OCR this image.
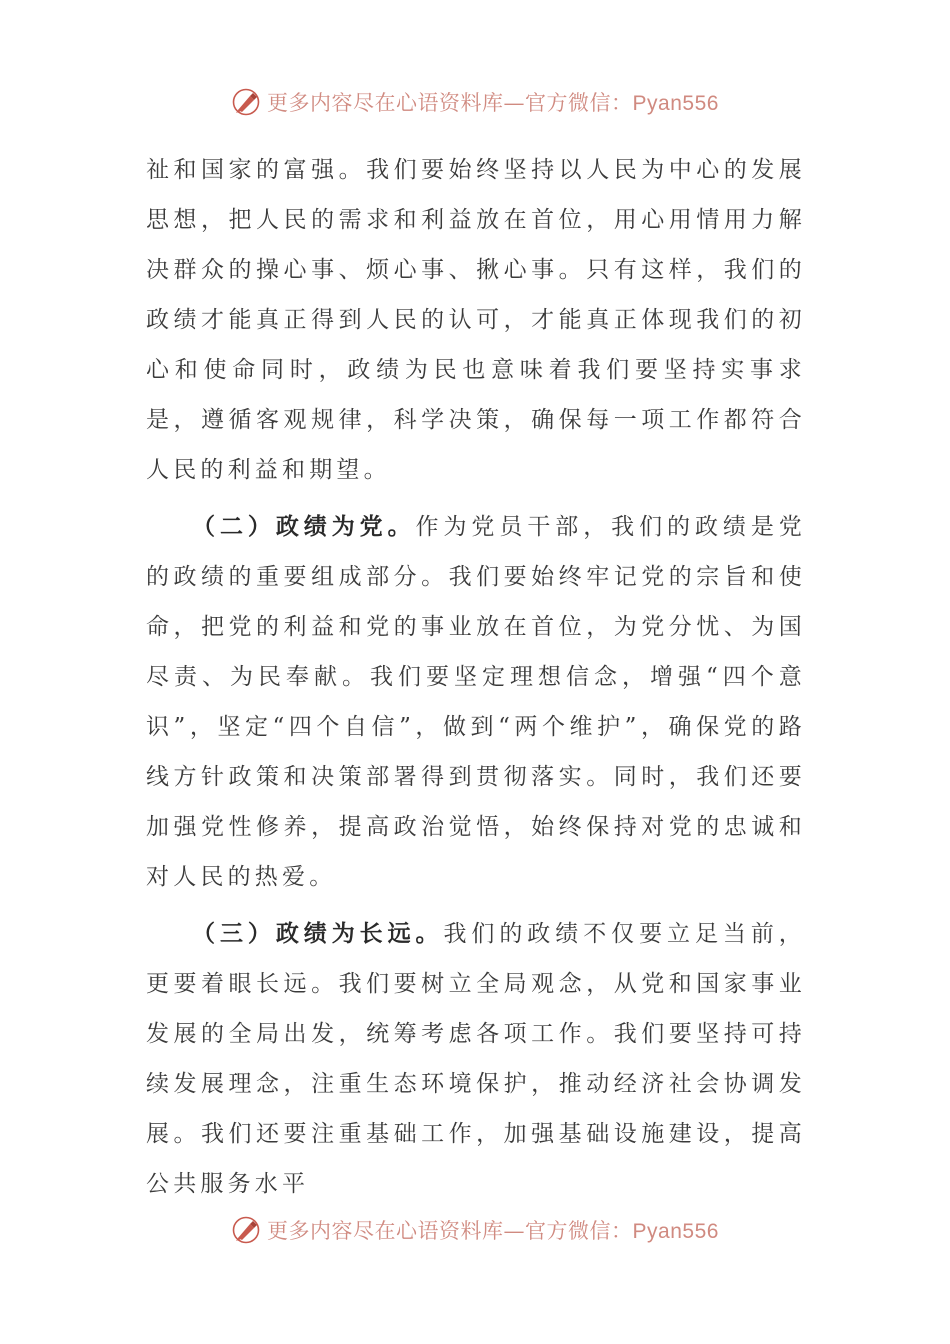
更多内容尽在心语资料库—官方微信：Pyan556

祉和国家的富强。我们要始终坚持以人民为中心的发展思想，把人民的需求和利益放在首位，用心用情用力解决群众的操心事、烦心事、揪心事。只有这样，我们的政绩才能真正得到人民的认可，才能真正体现我们的初心和使命同时，政绩为民也意味着我们要坚持实事求是，遵循客观规律，科学决策，确保每一项工作都符合人民的利益和期望。

（二）政绩为党。作为党员干部，我们的政绩是党的政绩的重要组成部分。我们要始终牢记党的宗旨和使命，把党的利益和党的事业放在首位，为党分忧、为国尽责、为民奉献。我们要坚定理想信念，增强“四个意识”，坚定“四个自信”，做到“两个维护”，确保党的路线方针政策和决策部署得到贯彻落实。同时，我们还要加强党性修养，提高政治觉悟，始终保持对党的忠诚和对人民的热爱。

（三）政绩为长远。我们的政绩不仅要立足当前，更要着眼长远。我们要树立全局观念，从党和国家事业发展的全局出发，统筹考虑各项工作。我们要坚持可持续发展理念，注重生态环境保护，推动经济社会协调发展。我们还要注重基础工作，加强基础设施建设，提高公共服务水平

更多内容尽在心语资料库—官方微信：Pyan556
